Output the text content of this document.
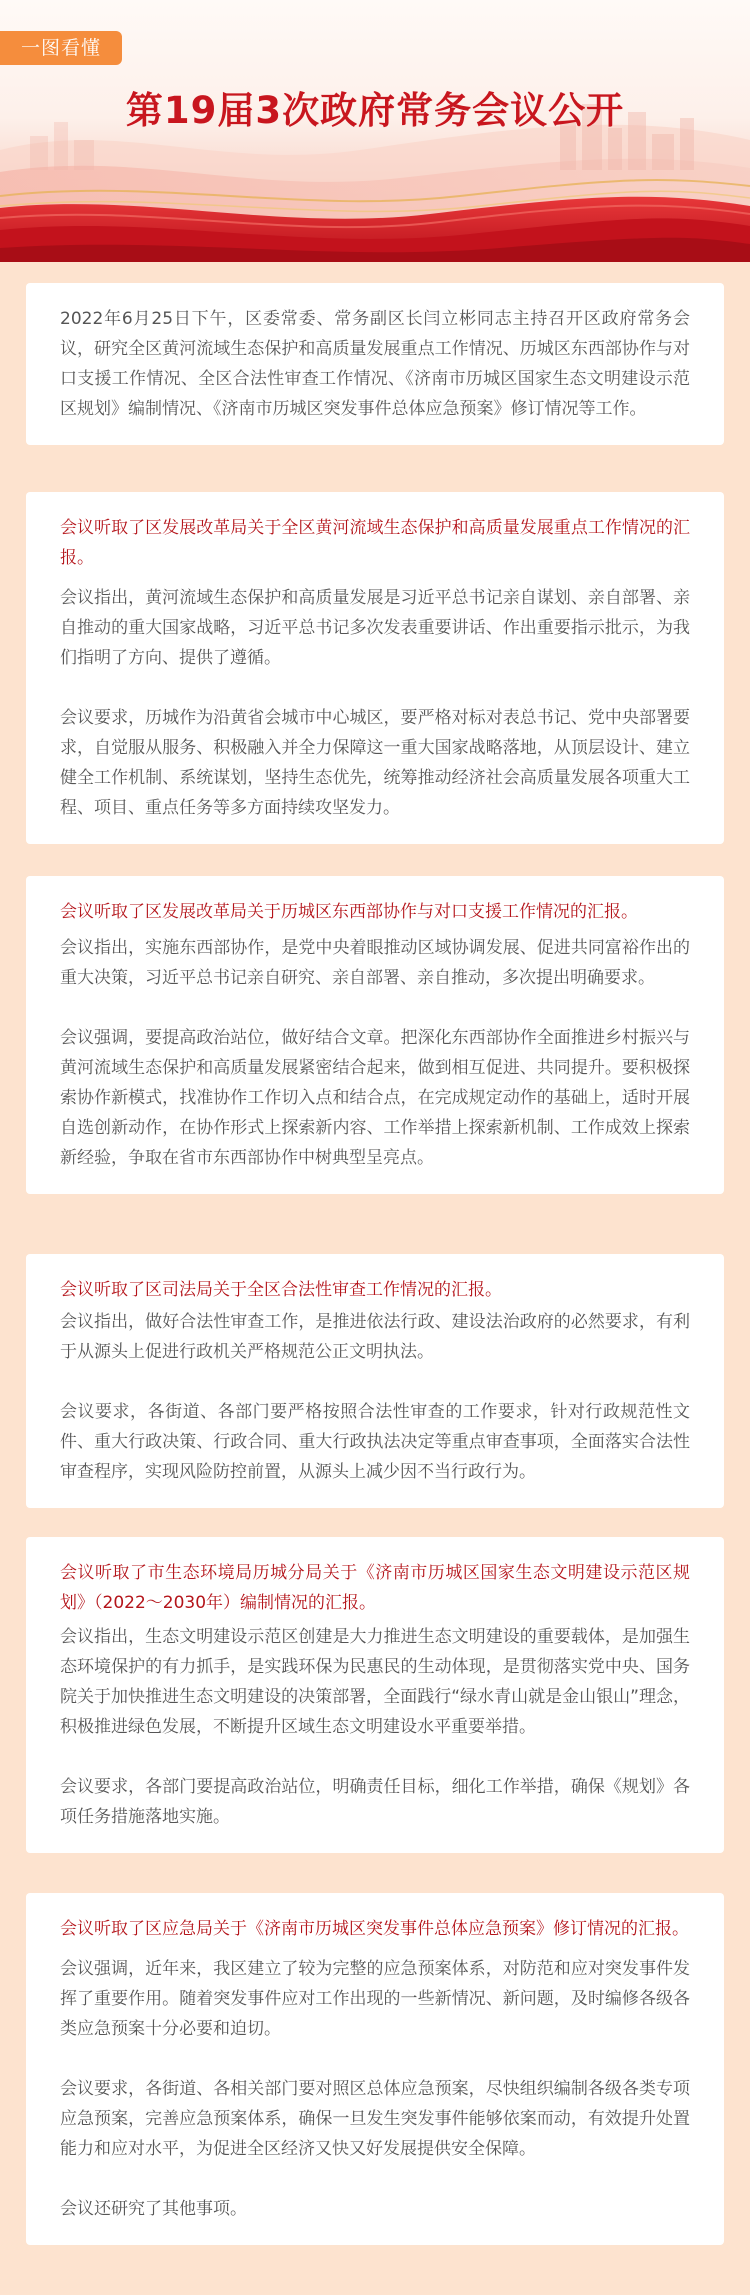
一图看懂
第19届3次政府常务会议公开

2022年6月25日下午，区委常委、常务副区长闫立彬同志主持召开区政府常务会议，研究全区黄河流域生态保护和高质量发展重点工作情况、历城区东西部协作与对口支援工作情况、全区合法性审查工作情况、《济南市历城区国家生态文明建设示范区规划》编制情况、《济南市历城区突发事件总体应急预案》修订情况等工作。

会议听取了区发展改革局关于全区黄河流域生态保护和高质量发展重点工作情况的汇报。

会议指出，黄河流域生态保护和高质量发展是习近平总书记亲自谋划、亲自部署、亲自推动的重大国家战略，习近平总书记多次发表重要讲话、作出重要指示批示，为我们指明了方向、提供了遵循。

会议要求，历城作为沿黄省会城市中心城区，要严格对标对表总书记、党中央部署要求，自觉服从服务、积极融入并全力保障这一重大国家战略落地，从顶层设计、建立健全工作机制、系统谋划，坚持生态优先，统筹推动经济社会高质量发展各项重大工程、项目、重点任务等多方面持续攻坚发力。

会议听取了区发展改革局关于历城区东西部协作与对口支援工作情况的汇报。

会议指出，实施东西部协作，是党中央着眼推动区域协调发展、促进共同富裕作出的重大决策，习近平总书记亲自研究、亲自部署、亲自推动，多次提出明确要求。

会议强调，要提高政治站位，做好结合文章。把深化东西部协作全面推进乡村振兴与黄河流域生态保护和高质量发展紧密结合起来，做到相互促进、共同提升。要积极探索协作新模式，找准协作工作切入点和结合点，在完成规定动作的基础上，适时开展自选创新动作，在协作形式上探索新内容、工作举措上探索新机制、工作成效上探索新经验，争取在省市东西部协作中树典型呈亮点。

会议听取了区司法局关于全区合法性审查工作情况的汇报。

会议指出，做好合法性审查工作，是推进依法行政、建设法治政府的必然要求，有利于从源头上促进行政机关严格规范公正文明执法。

会议要求，各街道、各部门要严格按照合法性审查的工作要求，针对行政规范性文件、重大行政决策、行政合同、重大行政执法决定等重点审查事项，全面落实合法性审查程序，实现风险防控前置，从源头上减少因不当行政行为。

会议听取了市生态环境局历城分局关于《济南市历城区国家生态文明建设示范区规划》（2022～2030年）编制情况的汇报。

会议指出，生态文明建设示范区创建是大力推进生态文明建设的重要载体，是加强生态环境保护的有力抓手，是实践环保为民惠民的生动体现，是贯彻落实党中央、国务院关于加快推进生态文明建设的决策部署，全面践行“绿水青山就是金山银山”理念，积极推进绿色发展，不断提升区域生态文明建设水平重要举措。

会议要求，各部门要提高政治站位，明确责任目标，细化工作举措，确保《规划》各项任务措施落地实施。

会议听取了区应急局关于《济南市历城区突发事件总体应急预案》修订情况的汇报。

会议强调，近年来，我区建立了较为完整的应急预案体系，对防范和应对突发事件发挥了重要作用。随着突发事件应对工作出现的一些新情况、新问题，及时编修各级各类应急预案十分必要和迫切。

会议要求，各街道、各相关部门要对照区总体应急预案，尽快组织编制各级各类专项应急预案，完善应急预案体系，确保一旦发生突发事件能够依案而动，有效提升处置能力和应对水平，为促进全区经济又快又好发展提供安全保障。

会议还研究了其他事项。
